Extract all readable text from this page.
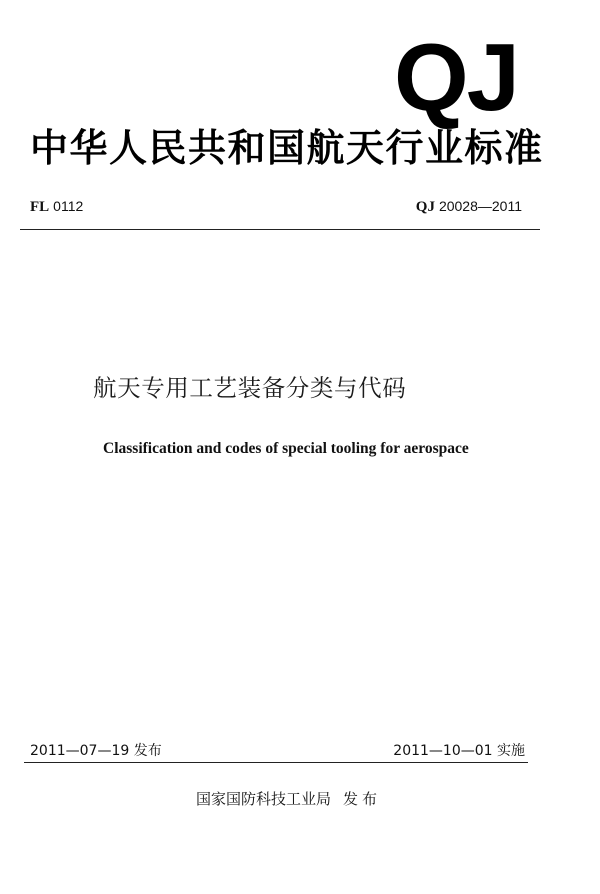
QJ
中华人民共和国航天行业标准
FL 0112	QJ 20028—2011
航天专用工艺装备分类与代码
Classification and codes of special tooling for aerospace
2011—07—19 发布	2011—10—01 实施
国家国防科技工业局 发布
